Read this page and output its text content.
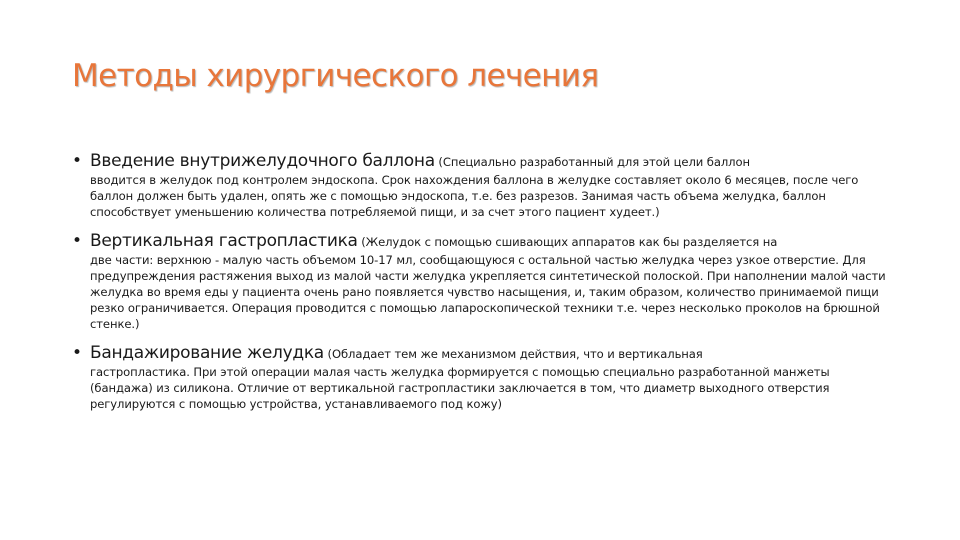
Методы хирургического лечения
• Введение внутрижелудочного баллона (Специально разработанный для этой цели баллон
вводится в желудок под контролем эндоскопа. Срок нахождения баллона в желудке составляет около 6 месяцев, после чего баллон должен быть удален, опять же с помощью эндоскопа, т.е. без разрезов. Занимая часть объема желудка, баллон способствует уменьшению количества потребляемой пищи, и за счет этого пациент худеет.)

• Вертикальная гастропластика (Желудок с помощью сшивающих аппаратов как бы разделяется на
две части: верхнюю - малую часть объемом 10-17 мл, сообщающуюся с остальной частью желудка через узкое отверстие. Для предупреждения растяжения выход из малой части желудка укрепляется синтетической полоской. При наполнении малой части желудка во время еды у пациента очень рано появляется чувство насыщения, и, таким образом, количество принимаемой пищи резко ограничивается. Операция проводится с помощью лапароскопической техники т.е. через несколько проколов на брюшной стенке.)

• Бандажирование желудка (Обладает тем же механизмом действия, что и вертикальная
гастропластика. При этой операции малая часть желудка формируется с помощью специально разработанной манжеты (бандажа) из силикона. Отличие от вертикальной гастропластики заключается в том, что диаметр выходного отверстия регулируются с помощью устройства, устанавливаемого под кожу)
